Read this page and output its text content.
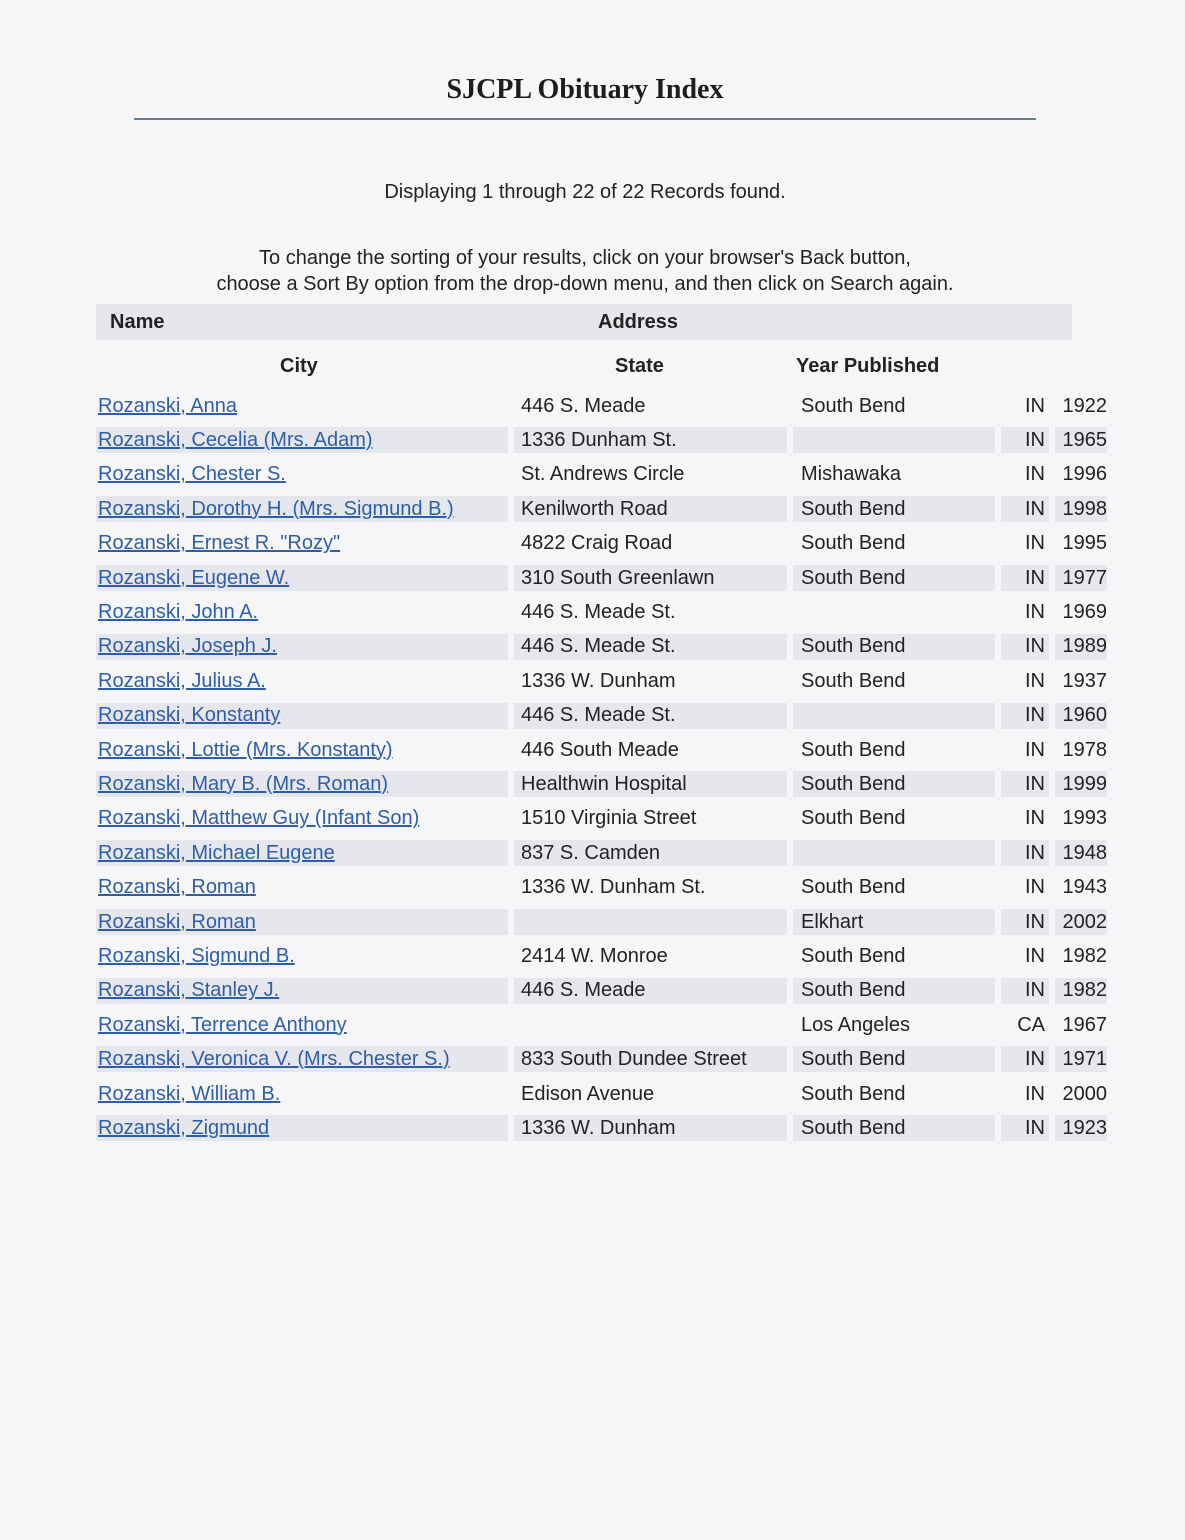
SJCPL Obituary Index
Displaying 1 through 22 of 22 Records found.
To change the sorting of your results, click on your browser's Back button,
choose a Sort By option from the drop-down menu, and then click on Search again.
Name	Address
City	State	Year Published
Rozanski, Anna		446 S. Meade		South Bend		IN		1922
Rozanski, Cecelia (Mrs. Adam)		1336 Dunham St.				IN		1965
Rozanski, Chester S.		St. Andrews Circle		Mishawaka		IN		1996
Rozanski, Dorothy H. (Mrs. Sigmund B.)		Kenilworth Road		South Bend		IN		1998
Rozanski, Ernest R. "Rozy"		4822 Craig Road		South Bend		IN		1995
Rozanski, Eugene W.		310 South Greenlawn		South Bend		IN		1977
Rozanski, John A.		446 S. Meade St.				IN		1969
Rozanski, Joseph J.		446 S. Meade St.		South Bend		IN		1989
Rozanski, Julius A.		1336 W. Dunham		South Bend		IN		1937
Rozanski, Konstanty		446 S. Meade St.				IN		1960
Rozanski, Lottie (Mrs. Konstanty)		446 South Meade		South Bend		IN		1978
Rozanski, Mary B. (Mrs. Roman)		Healthwin Hospital		South Bend		IN		1999
Rozanski, Matthew Guy (Infant Son)		1510 Virginia Street		South Bend		IN		1993
Rozanski, Michael Eugene		837 S. Camden				IN		1948
Rozanski, Roman		1336 W. Dunham St.		South Bend		IN		1943
Rozanski, Roman				Elkhart		IN		2002
Rozanski, Sigmund B.		2414 W. Monroe		South Bend		IN		1982
Rozanski, Stanley J.		446 S. Meade		South Bend		IN		1982
Rozanski, Terrence Anthony				Los Angeles		CA		1967
Rozanski, Veronica V. (Mrs. Chester S.)		833 South Dundee Street		South Bend		IN		1971
Rozanski, William B.		Edison Avenue		South Bend		IN		2000
Rozanski, Zigmund		1336 W. Dunham		South Bend		IN		1923
